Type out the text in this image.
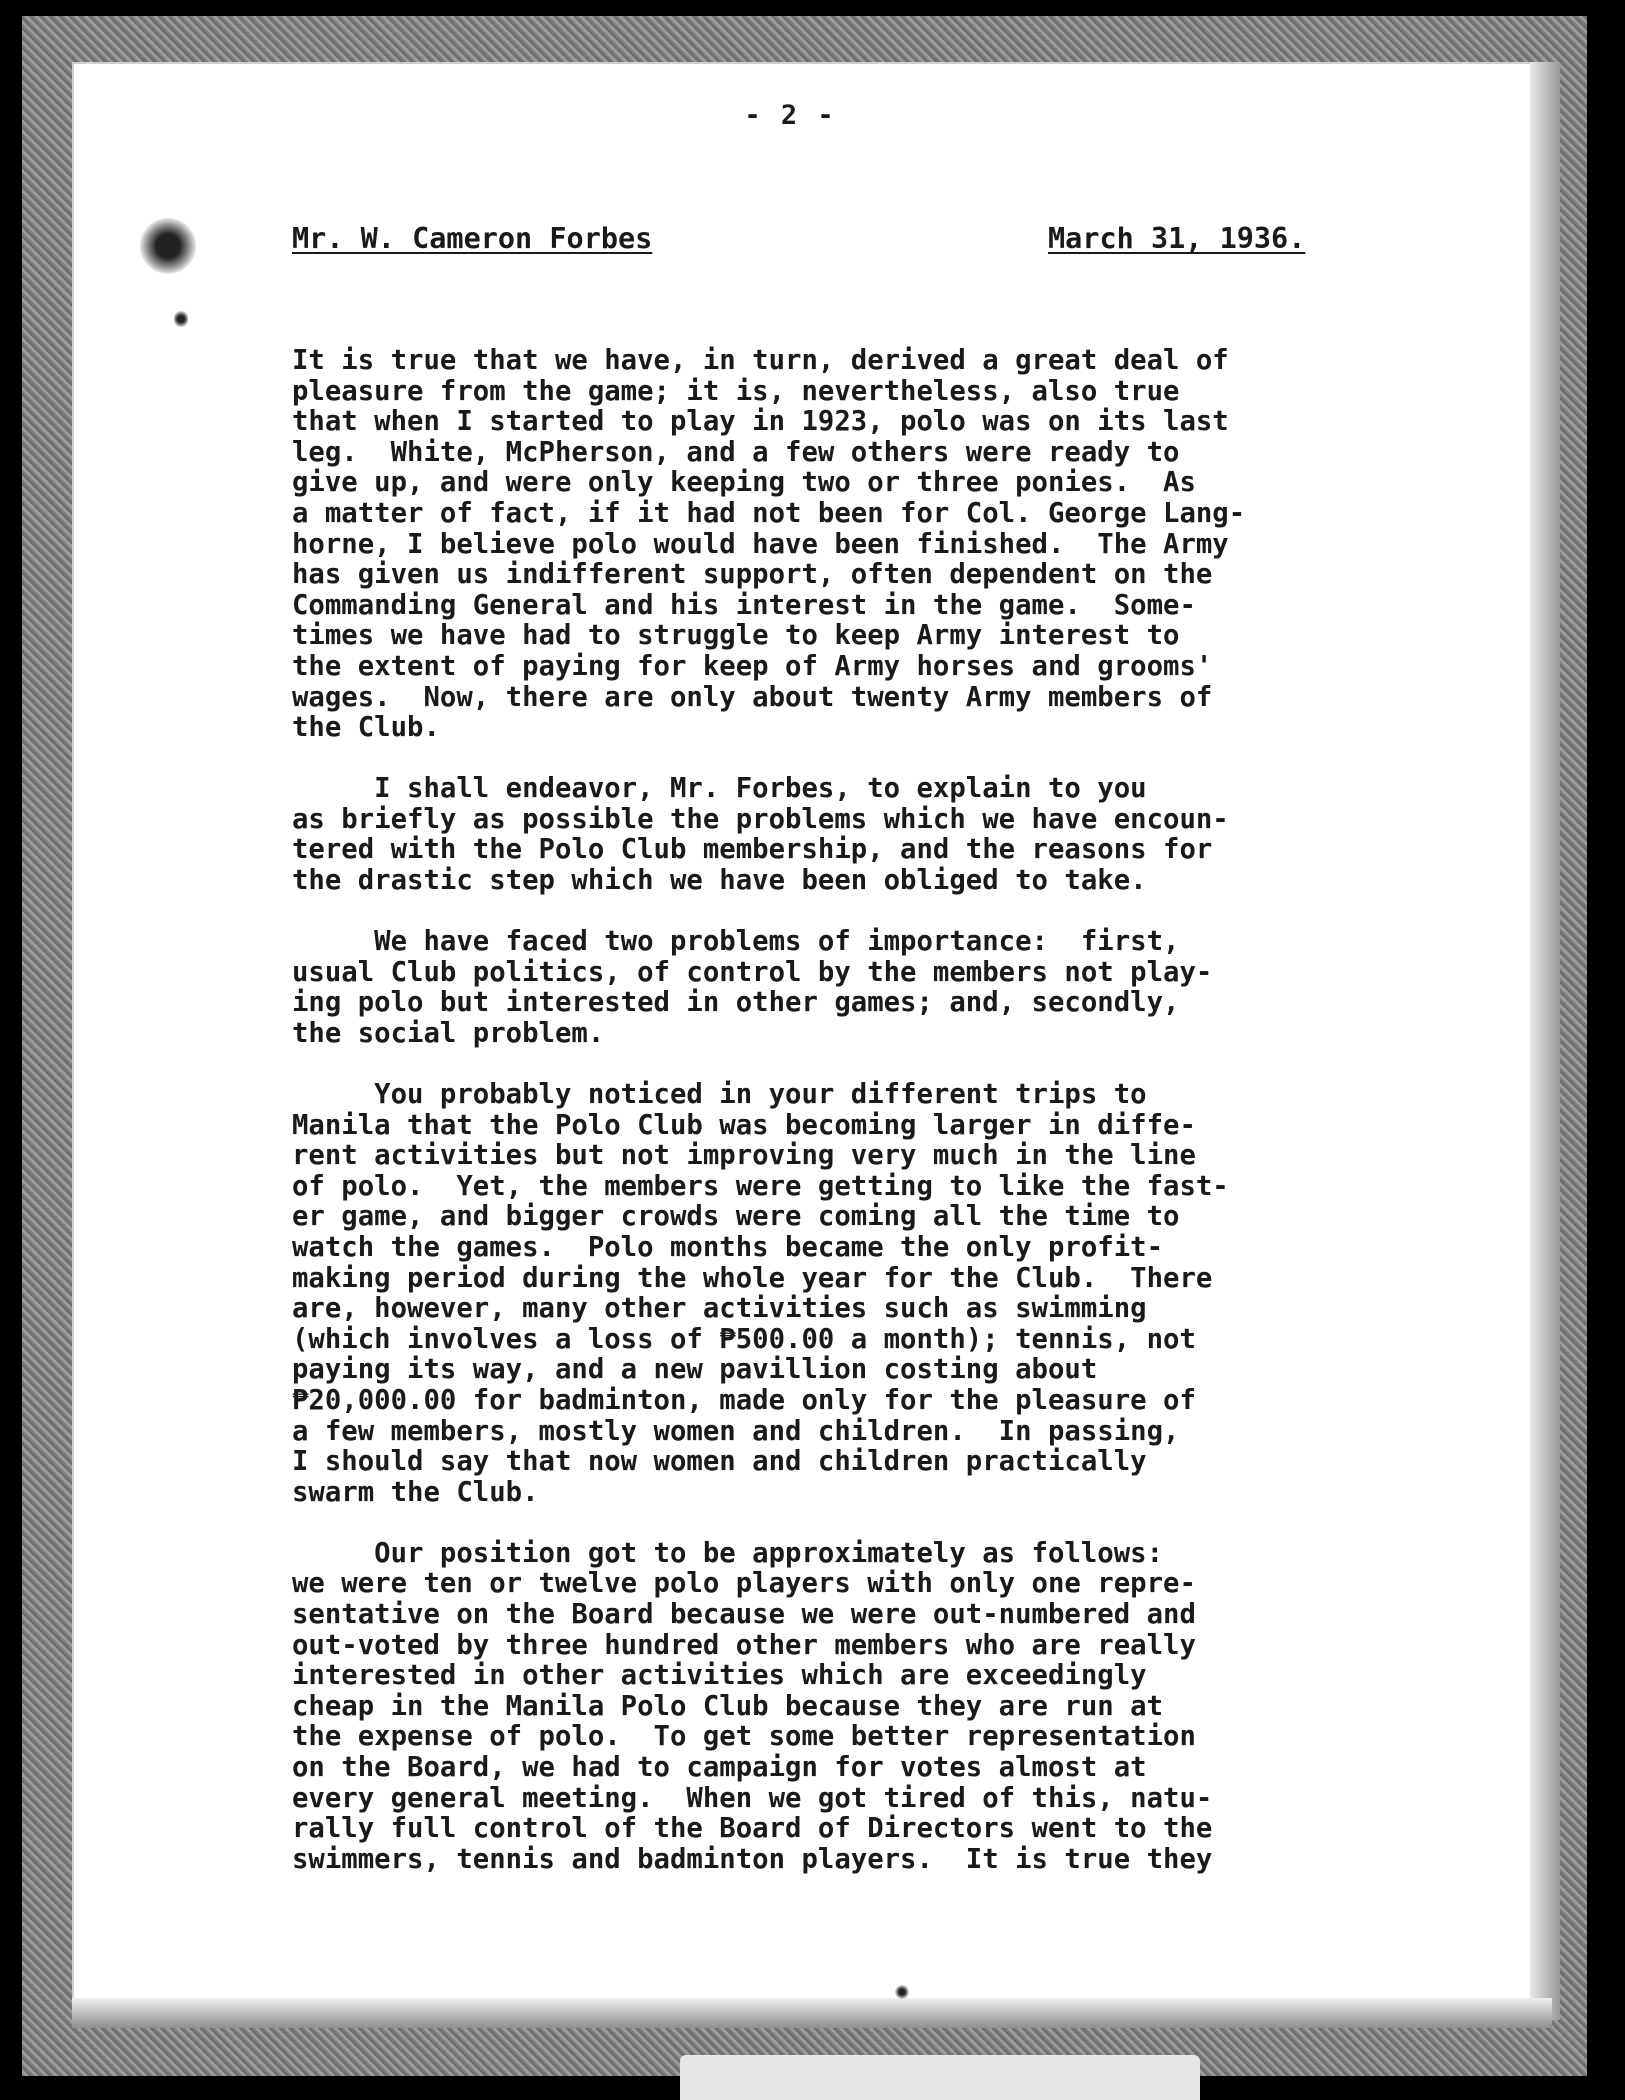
- 2 -
Mr. W. Cameron Forbes	March 31, 1936.
It is true that we have, in turn, derived a great deal of
pleasure from the game; it is, nevertheless, also true
that when I started to play in 1923, polo was on its last
leg.  White, McPherson, and a few others were ready to
give up, and were only keeping two or three ponies.  As
a matter of fact, if it had not been for Col. George Lang-
horne, I believe polo would have been finished.  The Army
has given us indifferent support, often dependent on the
Commanding General and his interest in the game.  Some-
times we have had to struggle to keep Army interest to
the extent of paying for keep of Army horses and grooms'
wages.  Now, there are only about twenty Army members of
the Club.
I shall endeavor, Mr. Forbes, to explain to you
as briefly as possible the problems which we have encoun-
tered with the Polo Club membership, and the reasons for
the drastic step which we have been obliged to take.
We have faced two problems of importance:  first,
usual Club politics, of control by the members not play-
ing polo but interested in other games; and, secondly,
the social problem.
You probably noticed in your different trips to
Manila that the Polo Club was becoming larger in diffe-
rent activities but not improving very much in the line
of polo.  Yet, the members were getting to like the fast-
er game, and bigger crowds were coming all the time to
watch the games.  Polo months became the only profit-
making period during the whole year for the Club.  There
are, however, many other activities such as swimming
(which involves a loss of ₱500.00 a month); tennis, not
paying its way, and a new pavillion costing about
₱20,000.00 for badminton, made only for the pleasure of
a few members, mostly women and children.  In passing,
I should say that now women and children practically
swarm the Club.
Our position got to be approximately as follows:
we were ten or twelve polo players with only one repre-
sentative on the Board because we were out-numbered and
out-voted by three hundred other members who are really
interested in other activities which are exceedingly
cheap in the Manila Polo Club because they are run at
the expense of polo.  To get some better representation
on the Board, we had to campaign for votes almost at
every general meeting.  When we got tired of this, natu-
rally full control of the Board of Directors went to the
swimmers, tennis and badminton players.  It is true they
